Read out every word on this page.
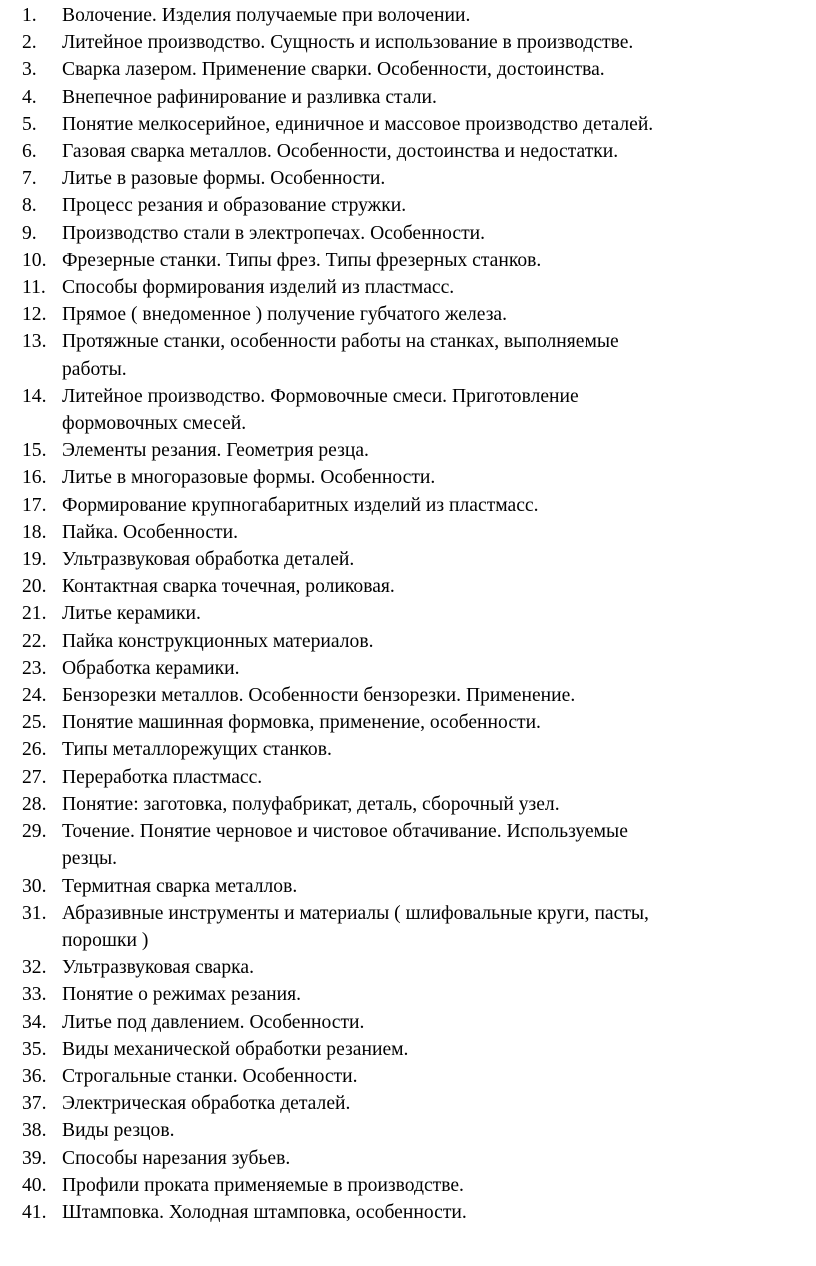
1.	Волочение. Изделия получаемые при волочении.
2.	Литейное производство. Сущность и использование в производстве.
3.	Сварка лазером. Применение сварки. Особенности, достоинства.
4.	Внепечное рафинирование и разливка стали.
5.	Понятие мелкосерийное, единичное и массовое производство деталей.
6.	Газовая сварка металлов. Особенности, достоинства и недостатки.
7.	Литье в разовые формы. Особенности.
8.	Процесс резания и образование стружки.
9.	Производство стали в электропечах. Особенности.
10. Фрезерные станки. Типы фрез. Типы фрезерных станков.
11. Способы формирования изделий из пластмасс.
12. Прямое ( внедоменное ) получение губчатого железа.
13. Протяжные станки, особенности работы на станках, выполняемые
работы.
14. Литейное производство. Формовочные смеси. Приготовление
формовочных смесей.
15. Элементы резания. Геометрия резца.
16. Литье в многоразовые формы. Особенности.
17. Формирование крупногабаритных изделий из пластмасс.
18. Пайка. Особенности.
19. Ультразвуковая обработка деталей.
20. Контактная сварка точечная, роликовая.
21. Литье керамики.
22. Пайка конструкционных материалов.
23. Обработка керамики.
24. Бензорезки металлов. Особенности бензорезки. Применение.
25. Понятие машинная формовка, применение, особенности.
26. Типы металлорежущих станков.
27. Переработка пластмасс.
28. Понятие: заготовка, полуфабрикат, деталь, сборочный узел.
29. Точение. Понятие черновое и чистовое обтачивание. Используемые
резцы.
30. Термитная сварка металлов.
31. Абразивные инструменты и материалы ( шлифовальные круги, пасты,
порошки )
32. Ультразвуковая сварка.
33. Понятие о режимах резания.
34. Литье под давлением. Особенности.
35. Виды механической обработки резанием.
36. Строгальные станки. Особенности.
37. Электрическая обработка деталей.
38. Виды резцов.
39. Способы нарезания зубьев.
40. Профили проката применяемые в производстве.
41. Штамповка. Холодная штамповка, особенности.
